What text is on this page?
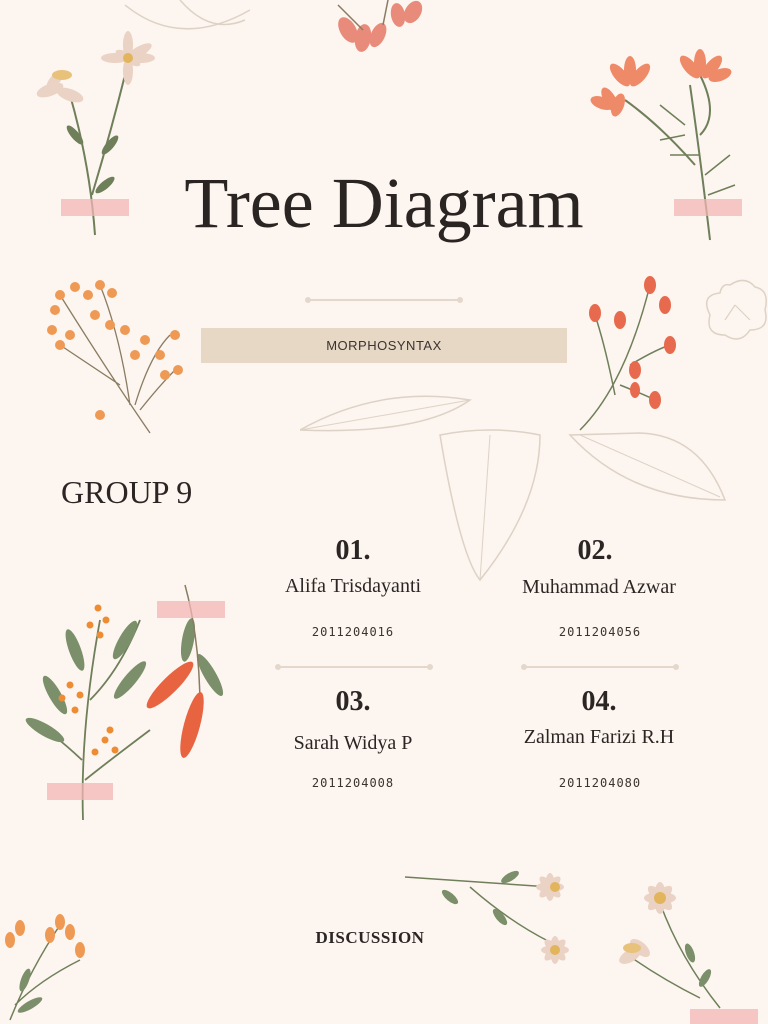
Tree Diagram
MORPHOSYNTAX
GROUP 9
01.
Alifa Trisdayanti
2011204016
02.
Muhammad Azwar
2011204056
03.
Sarah Widya P
2011204008
04.
Zalman Farizi R.H
2011204080
DISCUSSION
